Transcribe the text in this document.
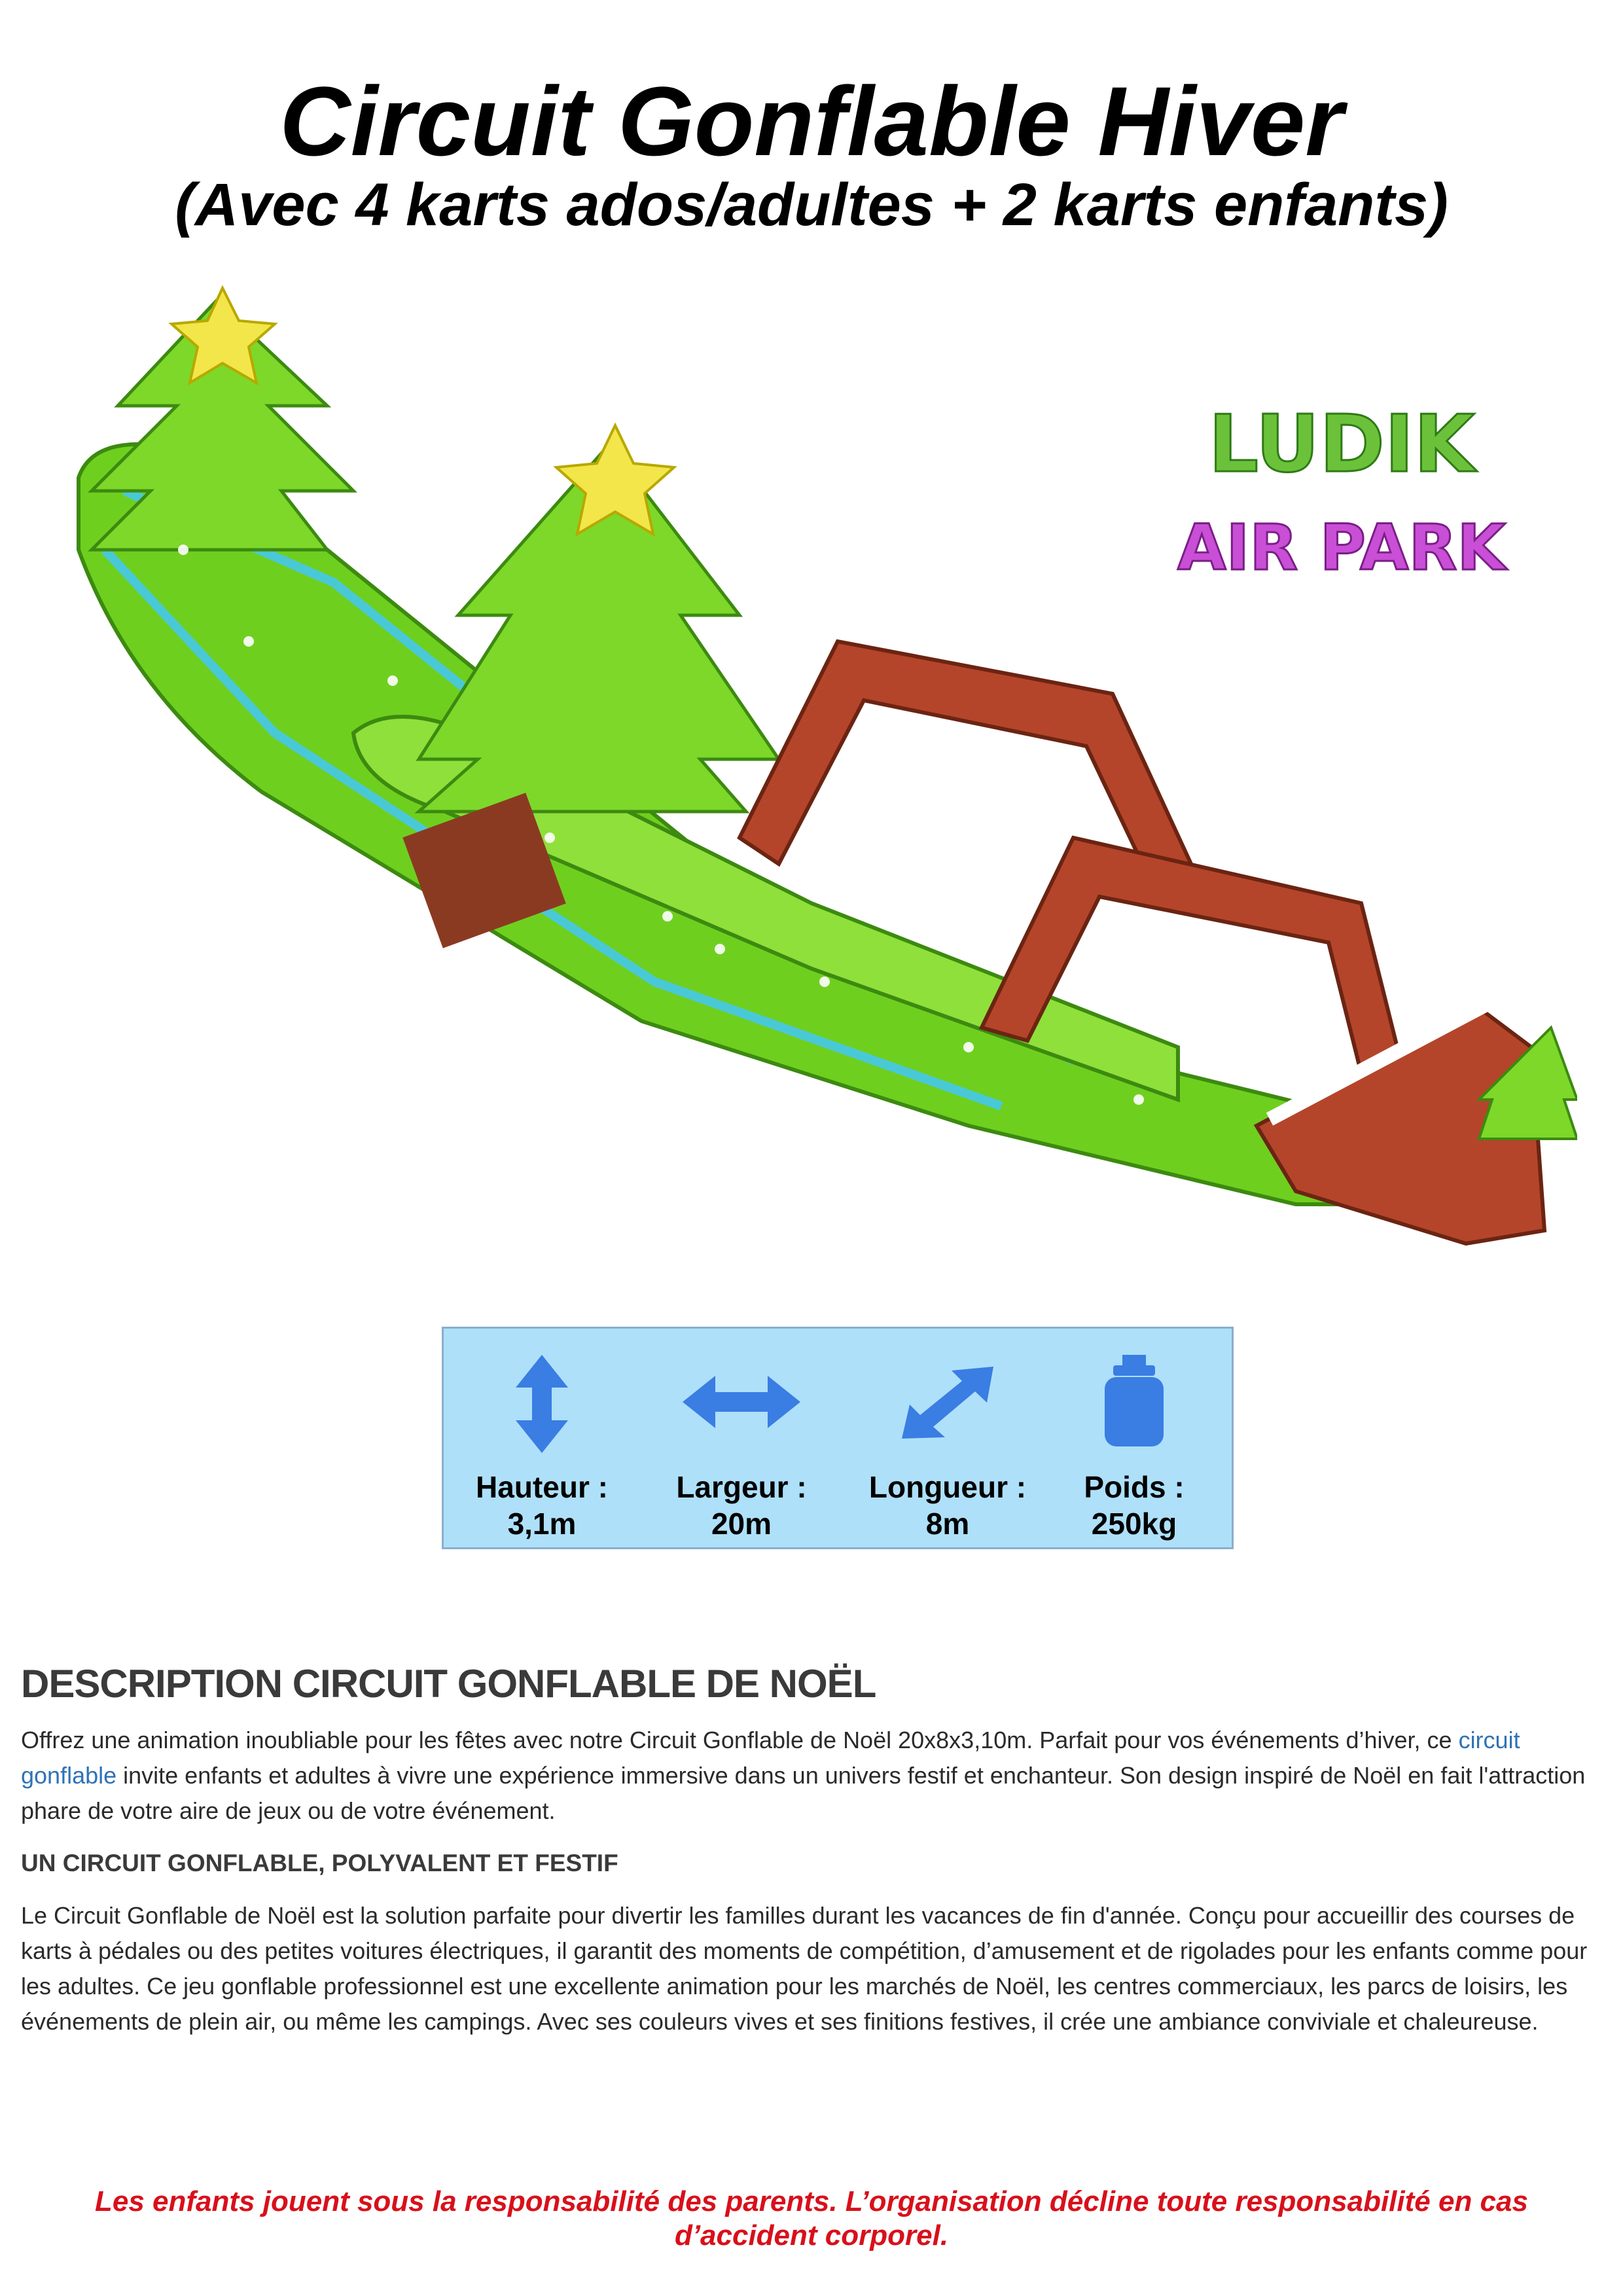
Circuit Gonflable Hiver
(Avec 4 karts ados/adultes + 2 karts enfants)
LUDIK
AIR PARK
Hauteur :
3,1m
Largeur :
20m
Longueur :
8m
Poids :
250kg
DESCRIPTION CIRCUIT GONFLABLE DE NOËL
Offrez une animation inoubliable pour les fêtes avec notre Circuit Gonflable de Noël 20x8x3,10m. Parfait pour vos événements d’hiver, ce circuit gonflable invite enfants et adultes à vivre une expérience immersive dans un univers festif et enchanteur. Son design inspiré de Noël en fait l'attraction phare de votre aire de jeux ou de votre événement.
UN CIRCUIT GONFLABLE, POLYVALENT ET FESTIF
Le Circuit Gonflable de Noël est la solution parfaite pour divertir les familles durant les vacances de fin d'année. Conçu pour accueillir des courses de karts à pédales ou des petites voitures électriques, il garantit des moments de compétition, d’amusement et de rigolades pour les enfants comme pour les adultes. Ce jeu gonflable professionnel est une excellente animation pour les marchés de Noël, les centres commerciaux, les parcs de loisirs, les événements de plein air, ou même les campings. Avec ses couleurs vives et ses finitions festives, il crée une ambiance conviviale et chaleureuse.
Les enfants jouent sous la responsabilité des parents. L’organisation décline toute responsabilité en cas d’accident corporel.
